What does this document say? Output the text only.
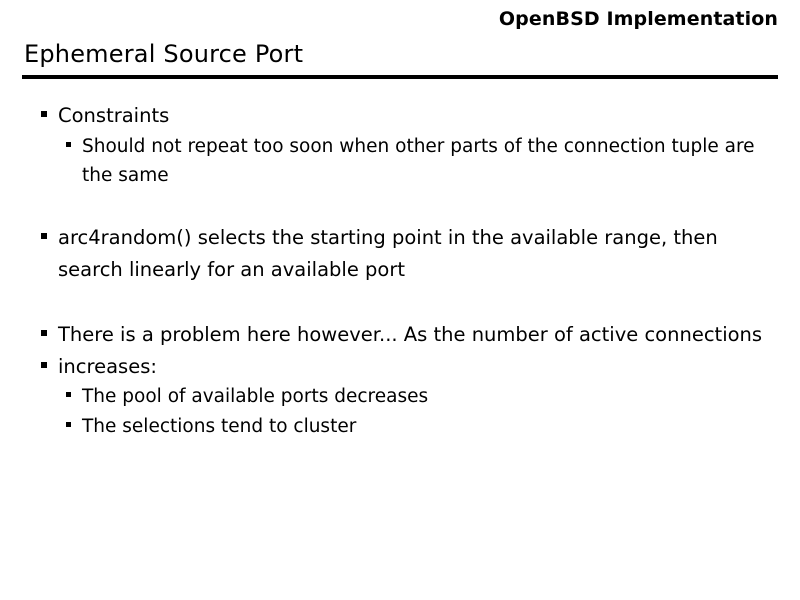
OpenBSD Implementation
Ephemeral Source Port
Constraints
Should not repeat too soon when other parts of the connection tuple are the same
arc4random() selects the starting point in the available range, then search linearly for an available port
There is a problem here however... As the number of active connections
increases:
The pool of available ports decreases
The selections tend to cluster
